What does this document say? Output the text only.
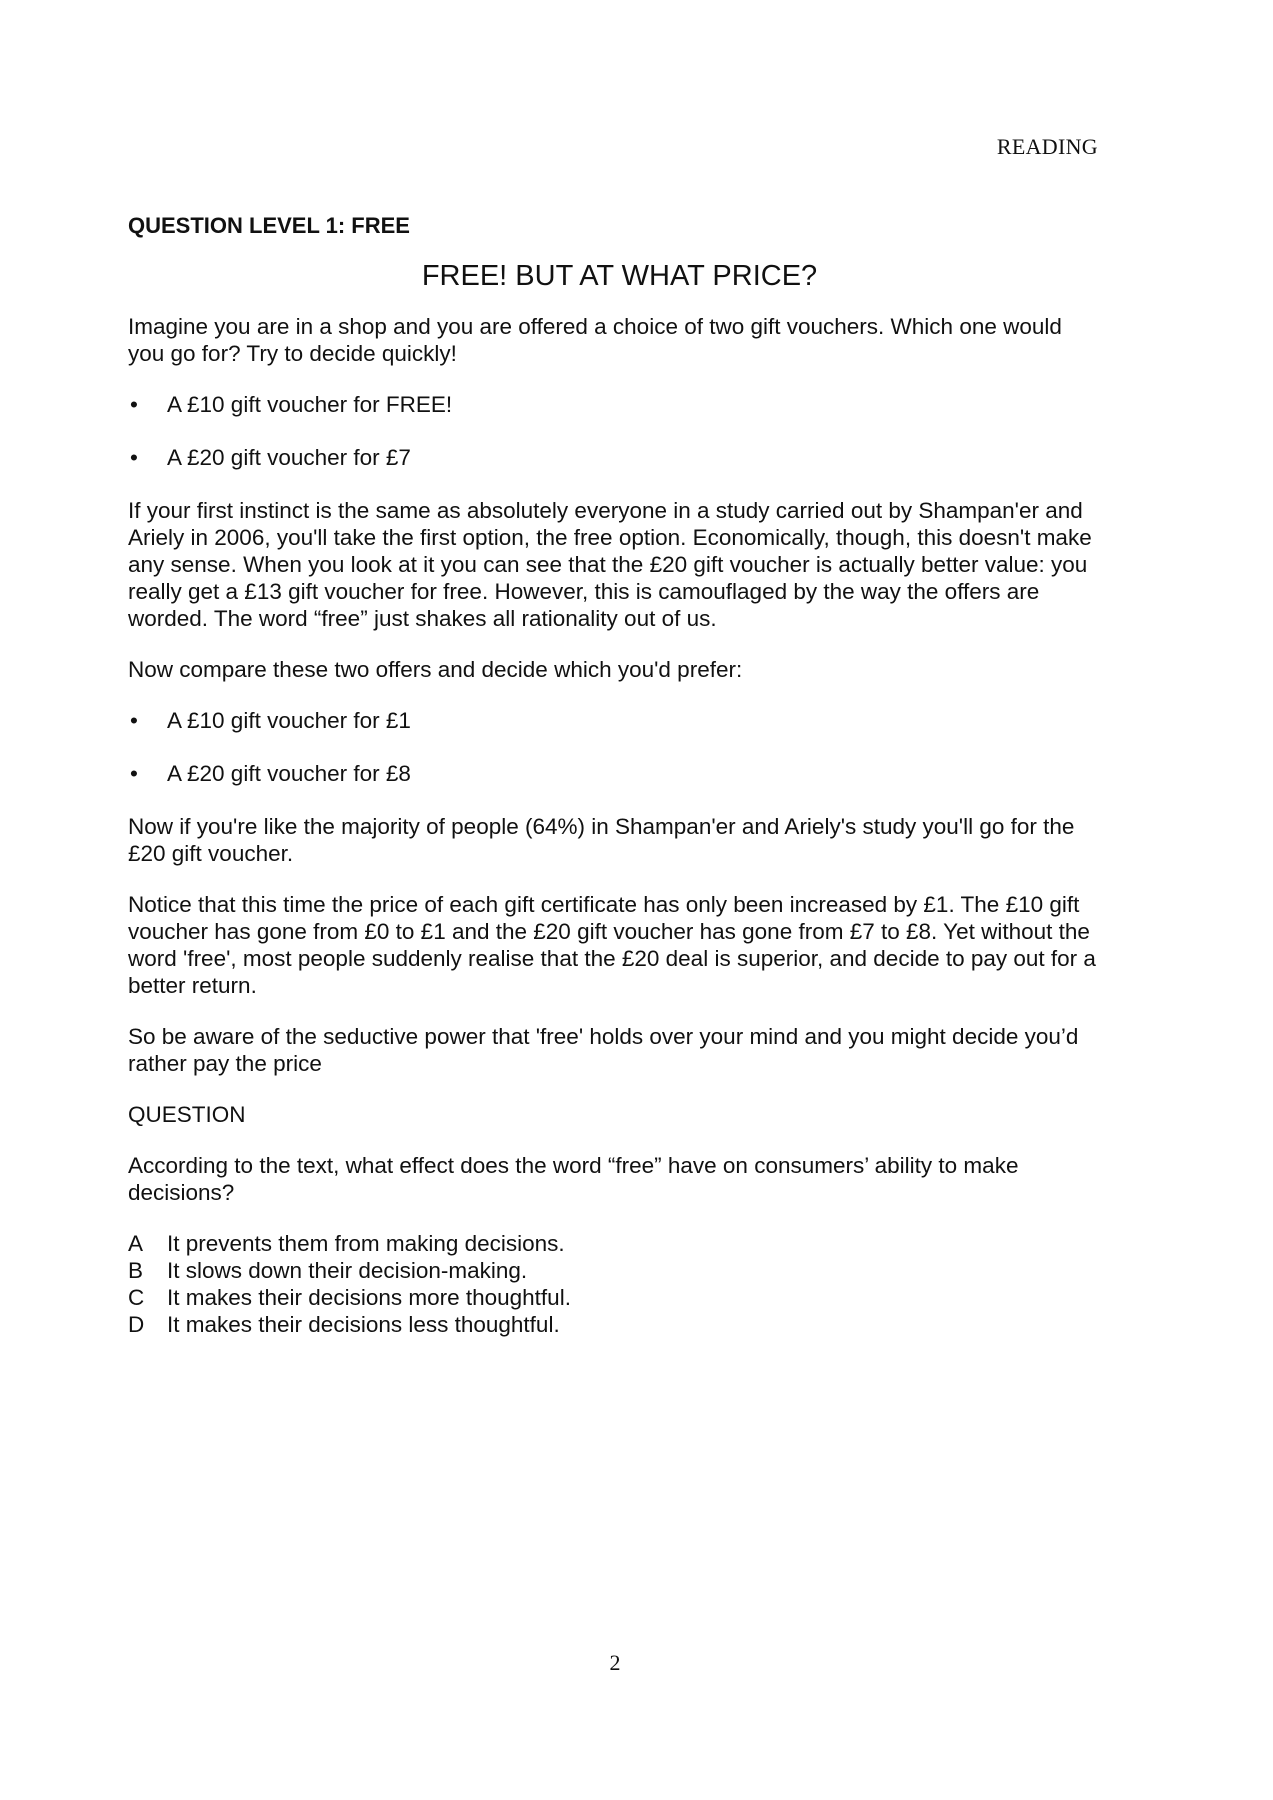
READING
QUESTION LEVEL 1: FREE
FREE! BUT AT WHAT PRICE?

Imagine you are in a shop and you are offered a choice of two gift vouchers. Which one would you go for? Try to decide quickly!

• A £10 gift voucher for FREE!
• A £20 gift voucher for £7

If your first instinct is the same as absolutely everyone in a study carried out by Shampan'er and Ariely in 2006, you'll take the first option, the free option. Economically, though, this doesn't make any sense. When you look at it you can see that the £20 gift voucher is actually better value: you really get a £13 gift voucher for free. However, this is camouflaged by the way the offers are worded. The word “free” just shakes all rationality out of us.

Now compare these two offers and decide which you'd prefer:

• A £10 gift voucher for £1
• A £20 gift voucher for £8

Now if you're like the majority of people (64%) in Shampan'er and Ariely's study you'll go for the £20 gift voucher.

Notice that this time the price of each gift certificate has only been increased by £1. The £10 gift voucher has gone from £0 to £1 and the £20 gift voucher has gone from £7 to £8. Yet without the word 'free', most people suddenly realise that the £20 deal is superior, and decide to pay out for a better return.

So be aware of the seductive power that 'free' holds over your mind and you might decide you’d rather pay the price

QUESTION

According to the text, what effect does the word “free” have on consumers’ ability to make decisions?

A It prevents them from making decisions.
B It slows down their decision-making.
C It makes their decisions more thoughtful.
D It makes their decisions less thoughtful.
2
